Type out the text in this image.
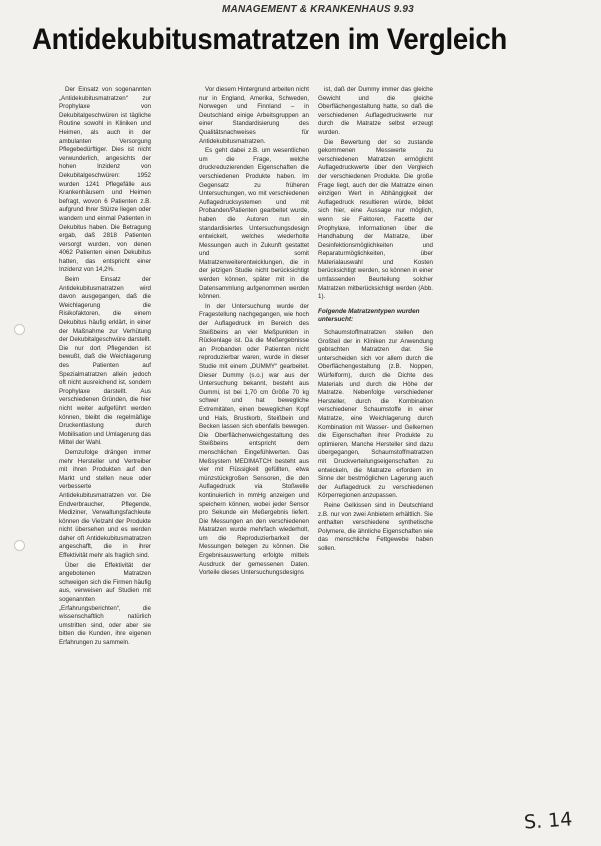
MANAGEMENT & KRANKENHAUS 9.93
Antidekubitusmatratzen im Vergleich

Der Einsatz von sogenannten „Antidekubitusmatratzen“ zur Prophylaxe von Dekubitalgeschwüren ist tägliche Routine sowohl in Kliniken und Heimen, als auch in der ambulanten Versorgung Pflegebedürftiger. Dies ist nicht verwunderlich, angesichts der hohen Inzidenz von Dekubitalgeschwüren: 1952 wurden 1241 Pflegefälle aus Krankenhäusern und Heimen befragt, wovon 6 Patienten z.B. aufgrund Ihrer Stürze liegen oder wandern und einmal Patienten in Dekubitus haben. Die Betragung ergab, daß 2818 Patienten versorgt wurden, von denen 4062 Patienten einen Dekubitus hatten, das entspricht einer Inzidenz von 14,2%.

Beim Einsatz der Antidekubitusmatratzen wird davon ausgegangen, daß die Weichlagerung die Risikofaktoren, die einem Dekubitus häufig erklärt, in einer der Maßnahme zur Verhütung der Dekubitalgeschwüre darstellt. Die nur dort Pflegenden ist bewußt, daß die Weichlagerung des Patienten auf Spezialmatratzen allein jedoch oft nicht ausreichend ist, sondern Prophylaxe darstellt. Aus verschiedenen Gründen, die hier nicht weiter aufgeführt werden können, bleibt die regelmäßige Druckentlastung durch Mobilisation und Umlagerung das Mittel der Wahl.

Demzufolge drängen immer mehr Hersteller und Vertreiber mit ihren Produkten auf den Markt und stellen neue oder verbesserte Antidekubitusmatratzen vor. Die Endverbraucher, Pflegende, Mediziner, Verwaltungsfachleute können die Vielzahl der Produkte nicht übersehen und es werden daher oft Antidekubitusmatratzen angeschafft, die in ihrer Effektivität mehr als fraglich sind.

Über die Effektivität der angebotenen Matratzen schweigen sich die Firmen häufig aus, verweisen auf Studien mit sogenannten „Erfahrungsberichten“, die wissenschaftlich natürlich umstritten sind, oder aber sie bitten die Kunden, ihre eigenen Erfahrungen zu sammeln.

Vor diesem Hintergrund arbeiten nicht nur in England, Amerika, Schweden, Norwegen und Finnland – in Deutschland einige Arbeitsgruppen an einer Standardisierung des Qualitätsnachweises für Antidekubitusmatratzen.

Es geht dabei z.B. um wesentlichen um die Frage, welche druckreduzierenden Eigenschaften die verschiedenen Produkte haben. Im Gegensatz zu früheren Untersuchungen, wo mit verschiedenen Auflagedrucksystemen und mit Probanden/Patienten gearbeitet wurde, haben die Autoren nun ein standardisiertes Untersuchungsdesign entwickelt, welches wiederholte Messungen auch in Zukunft gestattet und somit Matratzenweiterentwicklungen, die in der jetzigen Studie nicht berücksichtigt werden können, später mit in die Datensammlung aufgenommen werden können.

In der Untersuchung wurde der Fragestellung nachgegangen, wie hoch der Auflagedruck im Bereich des Steißbeins an vier Meßpunkten in Rückenlage ist. Da die Meßergebnisse an Probanden oder Patienten nicht reproduzierbar waren, wurde in dieser Studie mit einem „DUMMY“ gearbeitet. Dieser Dummy (s.o.) war aus der Untersuchung bekannt, besteht aus Gummi, ist bei 1,70 cm Größe 70 kg schwer und hat bewegliche Extremitäten, einen beweglichen Kopf und Hals, Brustkorb, Steißbein und Becken lassen sich ebenfalls bewegen. Die Oberflächenweichgestaltung des Steißbeins entspricht dem menschlichen Eingefühlwerten. Das Meßsystem MEDIMATCH besteht aus vier mit Flüssigkeit gefüllten, etwa münzstückgroßen Sensoren, die den Auflagedruck via Stoßwelle kontinuierlich in mmHg anzeigen und speichern können, wobei jeder Sensor pro Sekunde ein Meßergebnis liefert. Die Messungen an den verschiedenen Matratzen wurde mehrfach wiederholt, um die Reproduzierbarkeit der Messungen belegen zu können. Die Ergebnisauswertung erfolgte mittels Ausdruck der gemessenen Daten. Vorteile dieses Untersuchungsdesigns

ist, daß der Dummy immer das gleiche Gewicht und die gleiche Oberflächengestaltung hatte, so daß die verschiedenen Auflagedruckwerte nur durch die Matratze selbst erzeugt wurden.

Die Bewertung der so zustande gekommenen Messwerte zu verschiedenen Matratzen ermöglicht Auflagedruckwerte über den Vergleich der verschiedenen Produkte. Die große Frage liegt, auch der die Matratze einen einzigen Wert in Abhängigkeit der Auflagedruck resultieren würde, bildet sich hier, eine Aussage nur möglich, wenn sie Faktoren, Facette der Prophylaxe, Informationen über die Handhabung der Matratze, über Desinfektionsmöglichkeiten und Reparaturmöglichkeiten, über Materialauswahl und Kosten berücksichtigt werden, so können in einer umfassenden Beurteilung solcher Matratzen mitberücksichtigt werden (Abb. 1).

Folgende Matratzentypen wurden untersucht:

Schaumstoffmatratzen stellen den Großteil der in Kliniken zur Anwendung gebrachten Matratzen dar. Sie unterscheiden sich vor allem durch die Oberflächengestaltung (z.B. Noppen, Würfelform), durch die Dichte des Materials und durch die Höhe der Matratze. Nebenfolge verschiedener Hersteller, durch die Kombination verschiedener Schaumstoffe in einer Matratze, eine Weichlagerung durch Kombination mit Wasser- und Gelkernen die Eigenschaften ihrer Produkte zu optimieren. Manche Hersteller sind dazu übergegangen, Schaumstoffmatratzen mit Druckverteilungseigenschaften zu entwickeln, die Matratze erfordern im Sinne der bestmöglichen Lagerung auch der Auflagedruck zu verschiedenen Körperregionen anzupassen.

Reine Gelkissen sind in Deutschland z.B. nur von zwei Anbietern erhältlich. Sie enthalten verschiedene synthetische Polymere, die ähnliche Eigenschaften wie das menschliche Fettgewebe haben sollen.

S. 14
